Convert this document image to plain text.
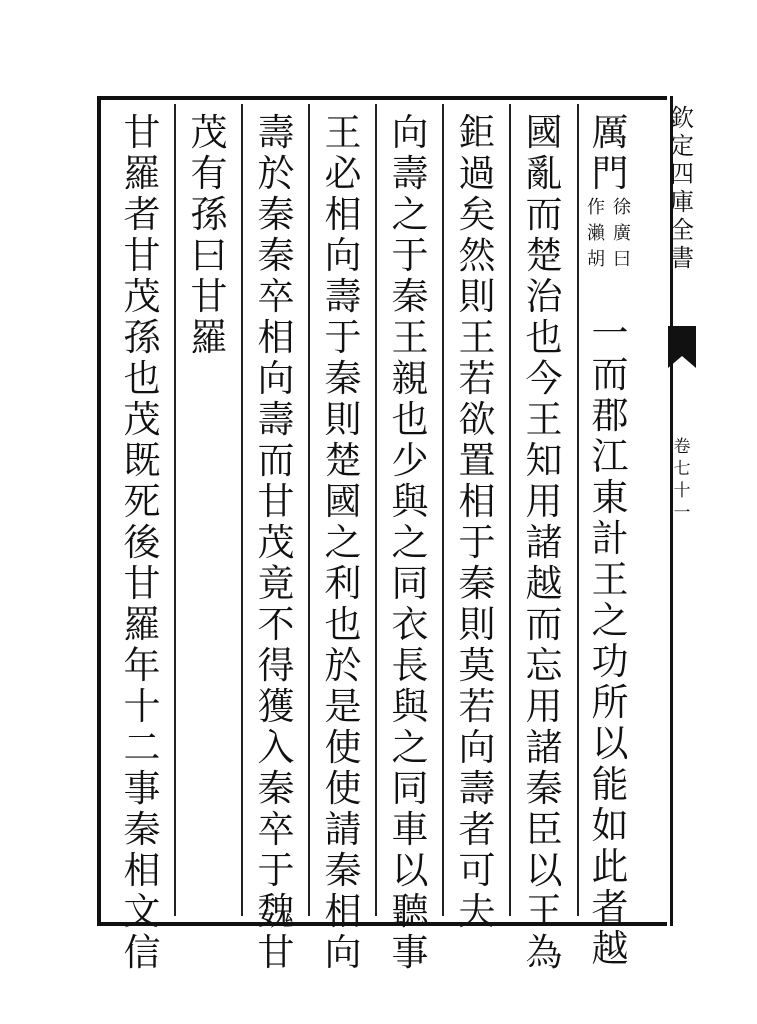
欽
定
四
庫
全
書
卷
七
十
一
厲
門
徐
廣
曰
作
瀨
胡
一
而
郡
江
東
計
王
之
功
所
以
能
如
此
者
越
國
亂
而
楚
治
也
今
王
知
用
諸
越
而
忘
用
諸
秦
臣
以
王
為
鉅
過
矣
然
則
王
若
欲
置
相
于
秦
則
莫
若
向
壽
者
可
夫
向
壽
之
于
秦
王
親
也
少
與
之
同
衣
長
與
之
同
車
以
聽
事
王
必
相
向
壽
于
秦
則
楚
國
之
利
也
於
是
使
使
請
秦
相
向
壽
於
秦
秦
卒
相
向
壽
而
甘
茂
竟
不
得
獲
入
秦
卒
于
魏
甘
茂
有
孫
曰
甘
羅
甘
羅
者
甘
茂
孫
也
茂
既
死
後
甘
羅
年
十
二
事
秦
相
文
信
